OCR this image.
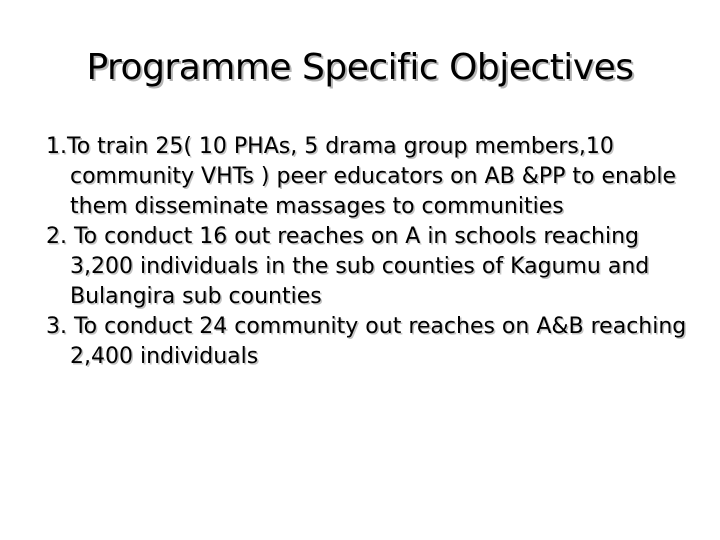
Programme Specific Objectives
1.To train 25( 10 PHAs, 5 drama group members,10 community VHTs ) peer educators on AB &PP to enable them disseminate massages to communities
2. To conduct 16 out reaches on A in schools reaching 3,200 individuals in the sub counties of Kagumu and Bulangira sub counties
3. To conduct 24 community out reaches on A&B reaching 2,400 individuals
